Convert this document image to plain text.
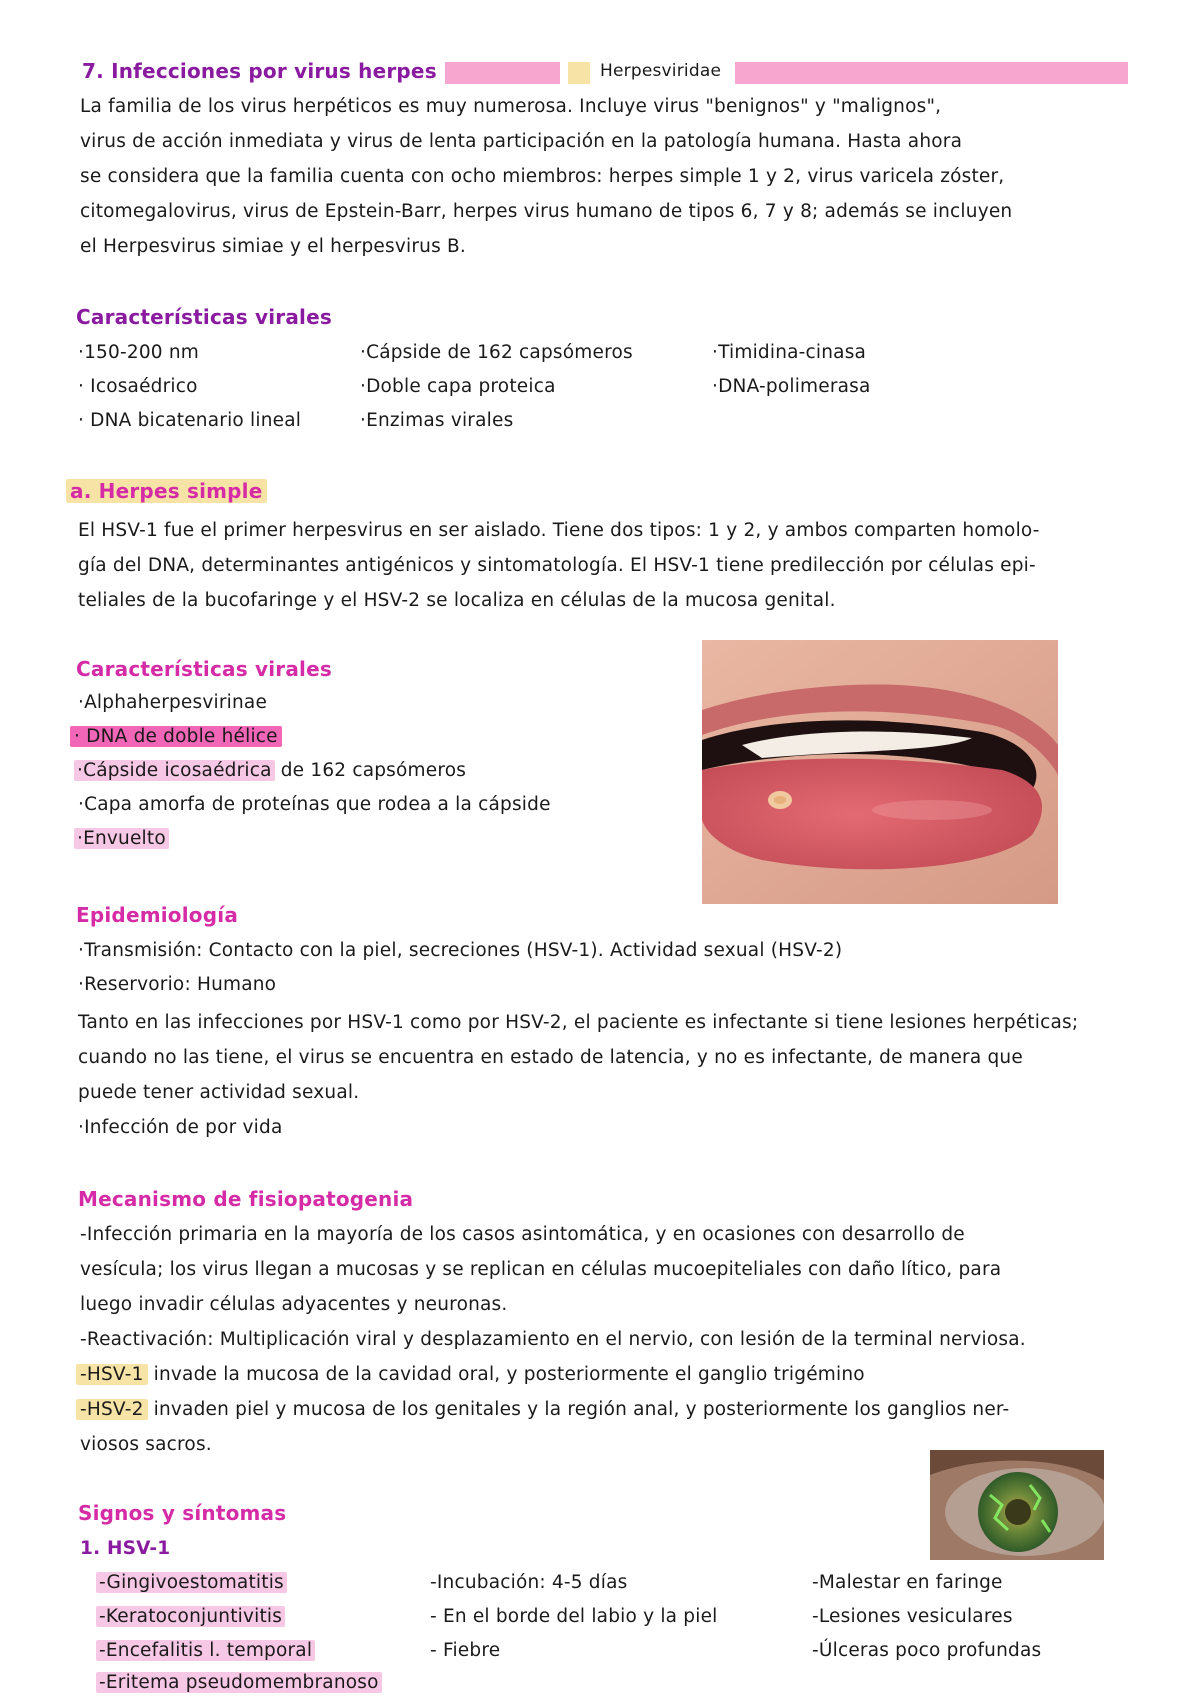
7. Infecciones por virus herpes	Herpesviridae
La familia de los virus herpéticos es muy numerosa. Incluye virus "benignos" y "malignos",
virus de acción inmediata y virus de lenta participación en la patología humana. Hasta ahora
se considera que la familia cuenta con ocho miembros: herpes simple 1 y 2, virus varicela zóster,
citomegalovirus, virus de Epstein-Barr, herpes virus humano de tipos 6, 7 y 8; además se incluyen
el Herpesvirus simiae y el herpesvirus B.
Características virales
·150-200 nm
· Icosaédrico
· DNA bicatenario lineal
·Cápside de 162 capsómeros
·Doble capa proteica
·Enzimas virales
·Timidina-cinasa
·DNA-polimerasa
a. Herpes simple
El HSV-1 fue el primer herpesvirus en ser aislado. Tiene dos tipos: 1 y 2, y ambos comparten homolo-
gía del DNA, determinantes antigénicos y sintomatología. El HSV-1 tiene predilección por células epi-
teliales de la bucofaringe y el HSV-2 se localiza en células de la mucosa genital.
Características virales
·Alphaherpesvirinae
· DNA de doble hélice
·Cápside icosaédrica de 162 capsómeros
·Capa amorfa de proteínas que rodea a la cápside
·Envuelto
Epidemiología
·Transmisión: Contacto con la piel, secreciones (HSV-1). Actividad sexual (HSV-2)
·Reservorio: Humano
Tanto en las infecciones por HSV-1 como por HSV-2, el paciente es infectante si tiene lesiones herpéticas;
cuando no las tiene, el virus se encuentra en estado de latencia, y no es infectante, de manera que
puede tener actividad sexual.
·Infección de por vida
Mecanismo de fisiopatogenia
-Infección primaria en la mayoría de los casos asintomática, y en ocasiones con desarrollo de
vesícula; los virus llegan a mucosas y se replican en células mucoepiteliales con daño lítico, para
luego invadir células adyacentes y neuronas.
-Reactivación: Multiplicación viral y desplazamiento en el nervio, con lesión de la terminal nerviosa.
-HSV-1 invade la mucosa de la cavidad oral, y posteriormente el ganglio trigémino
-HSV-2 invaden piel y mucosa de los genitales y la región anal, y posteriormente los ganglios ner-
viosos sacros.
Signos y síntomas
1. HSV-1
-Gingivoestomatitis
-Keratoconjuntivitis
-Encefalitis l. temporal
-Eritema pseudomembranoso
-Incubación: 4-5 días
- En el borde del labio y la piel
- Fiebre
-Malestar en faringe
-Lesiones vesiculares
-Úlceras poco profundas
